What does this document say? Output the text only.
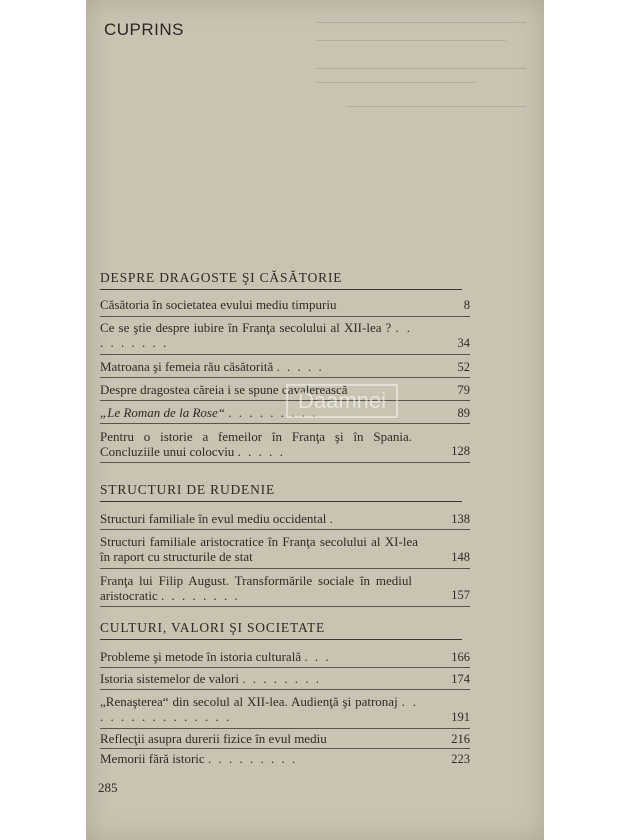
CUPRINS
DESPRE DRAGOSTE ŞI CĂSĂTORIE
Căsătoria în societatea evului mediu timpuriu	8
Ce se ştie despre iubire în Franţa secolului al XII-lea ? . . . . . . . . .	34
Matroana şi femeia rău căsătorită . . . . .	52
Despre dragostea căreia i se spune cavalerească	79
„Le Roman de la Rose“ . . . . . . . . .	89
Pentru o istorie a femeilor în Franţa şi în Spania. Concluziile unui colocviu . . . . .	128
STRUCTURI DE RUDENIE
Structuri familiale în evul mediu occidental .	138
Structuri familiale aristocratice în Franţa secolului al XI-lea în raport cu structurile de stat	148
Franţa lui Filip August. Transformările sociale în mediul aristocratic . . . . . . . .	157
CULTURI, VALORI ŞI SOCIETATE
Probleme şi metode în istoria culturală . . .	166
Istoria sistemelor de valori . . . . . . . .	174
„Renaşterea“ din secolul al XII-lea. Audienţă şi patronaj . . . . . . . . . . . . . . .	191
Reflecţii asupra durerii fizice în evul mediu	216
Memorii fără istoric . . . . . . . . .	223
Daamnei
285
